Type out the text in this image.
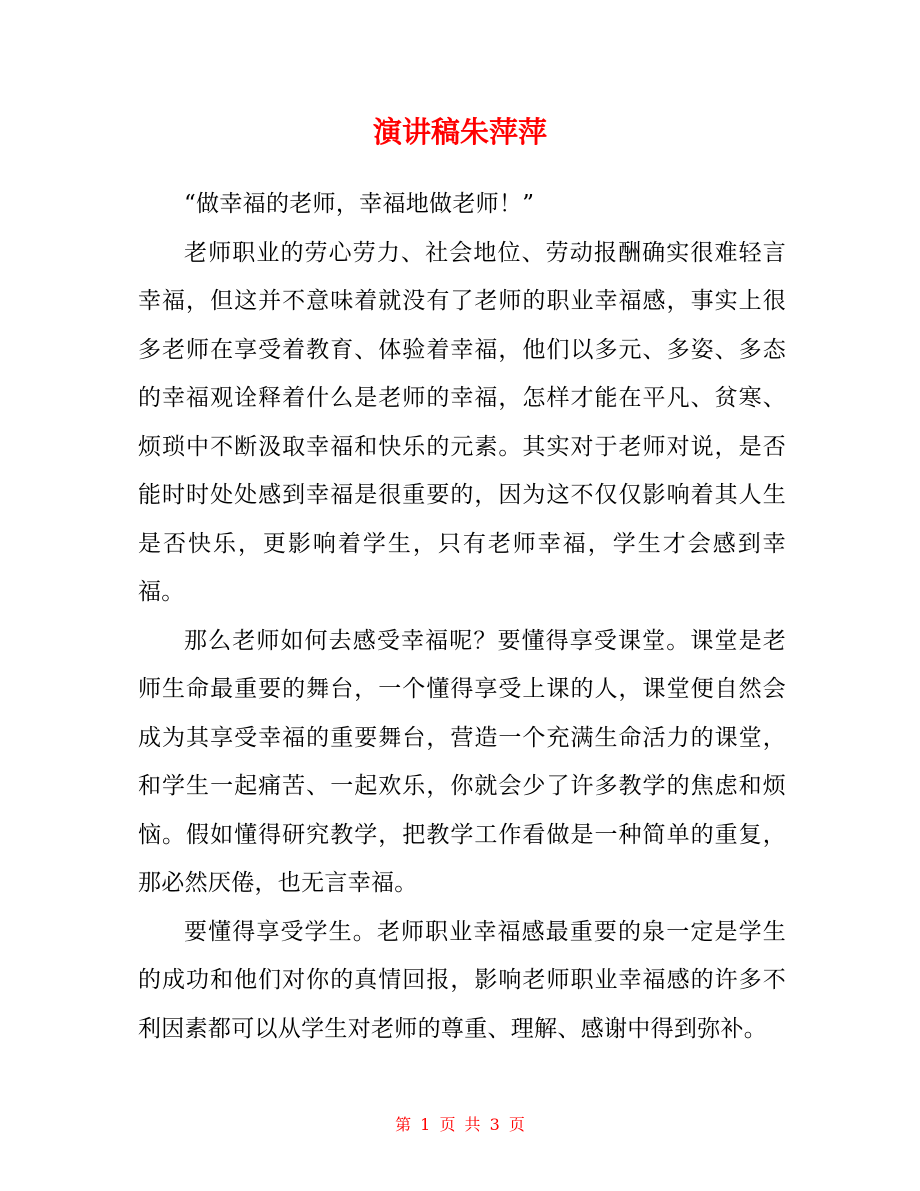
演讲稿朱萍萍

“做幸福的老师，幸福地做老师！”

老师职业的劳心劳力、社会地位、劳动报酬确实很难轻言幸福，但这并不意味着就没有了老师的职业幸福感，事实上很多老师在享受着教育、体验着幸福，他们以多元、多姿、多态的幸福观诠释着什么是老师的幸福，怎样才能在平凡、贫寒、烦琐中不断汲取幸福和快乐的元素。其实对于老师对说，是否能时时处处感到幸福是很重要的，因为这不仅仅影响着其人生是否快乐，更影响着学生，只有老师幸福，学生才会感到幸福。

那么老师如何去感受幸福呢？要懂得享受课堂。课堂是老师生命最重要的舞台，一个懂得享受上课的人，课堂便自然会成为其享受幸福的重要舞台，营造一个充满生命活力的课堂，和学生一起痛苦、一起欢乐，你就会少了许多教学的焦虑和烦恼。假如懂得研究教学，把教学工作看做是一种简单的重复，那必然厌倦，也无言幸福。

要懂得享受学生。老师职业幸福感最重要的泉一定是学生的成功和他们对你的真情回报，影响老师职业幸福感的许多不利因素都可以从学生对老师的尊重、理解、感谢中得到弥补。

第 1 页 共 3 页
